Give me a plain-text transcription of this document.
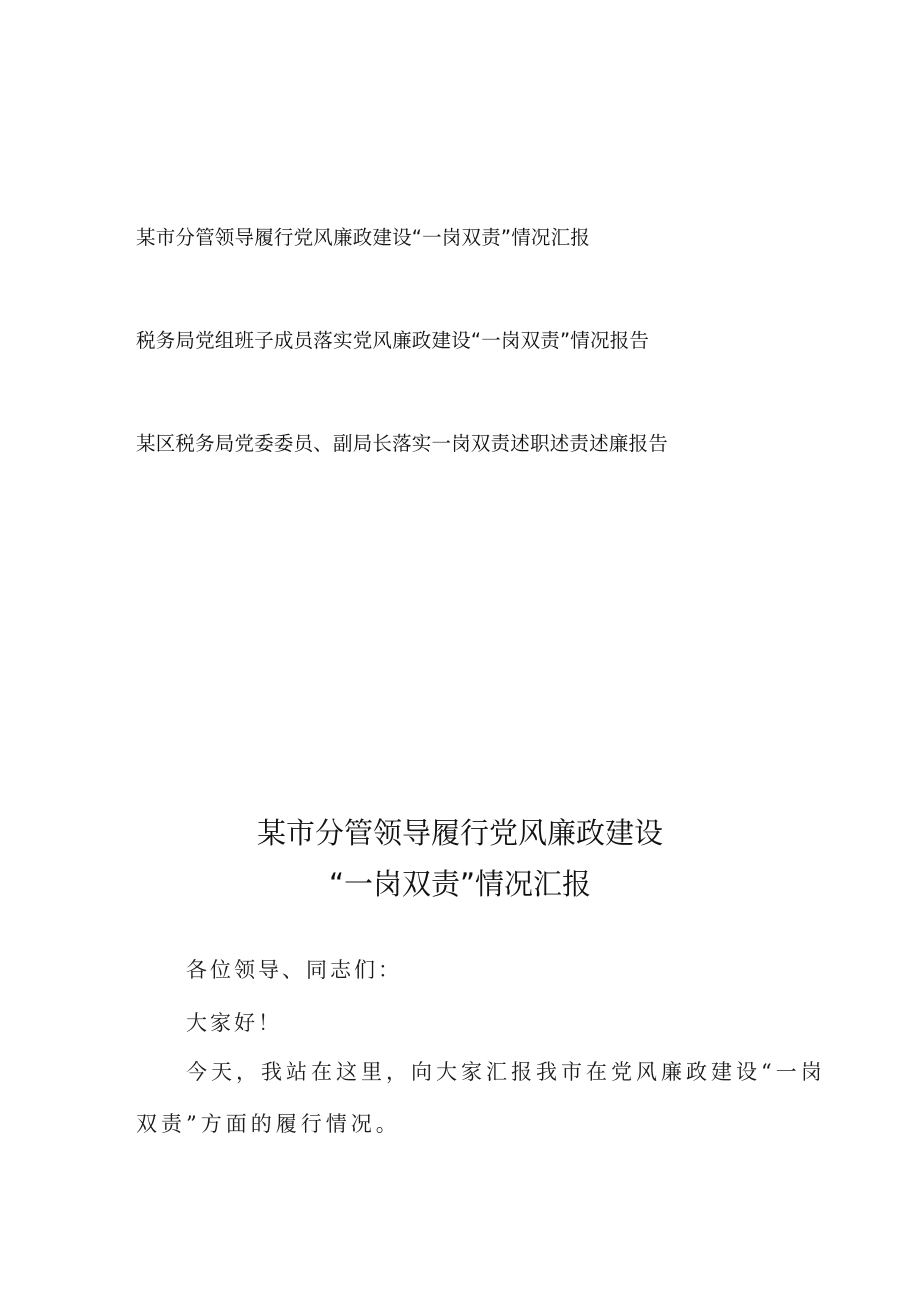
某市分管领导履行党风廉政建设“一岗双责”情况汇报
税务局党组班子成员落实党风廉政建设“一岗双责”情况报告
某区税务局党委委员、副局长落实一岗双责述职述责述廉报告
某市分管领导履行党风廉政建设
“一岗双责”情况汇报
各位领导、同志们：
大家好！
今天，我站在这里，向大家汇报我市在党风廉政建设“一岗
双责”方面的履行情况。
